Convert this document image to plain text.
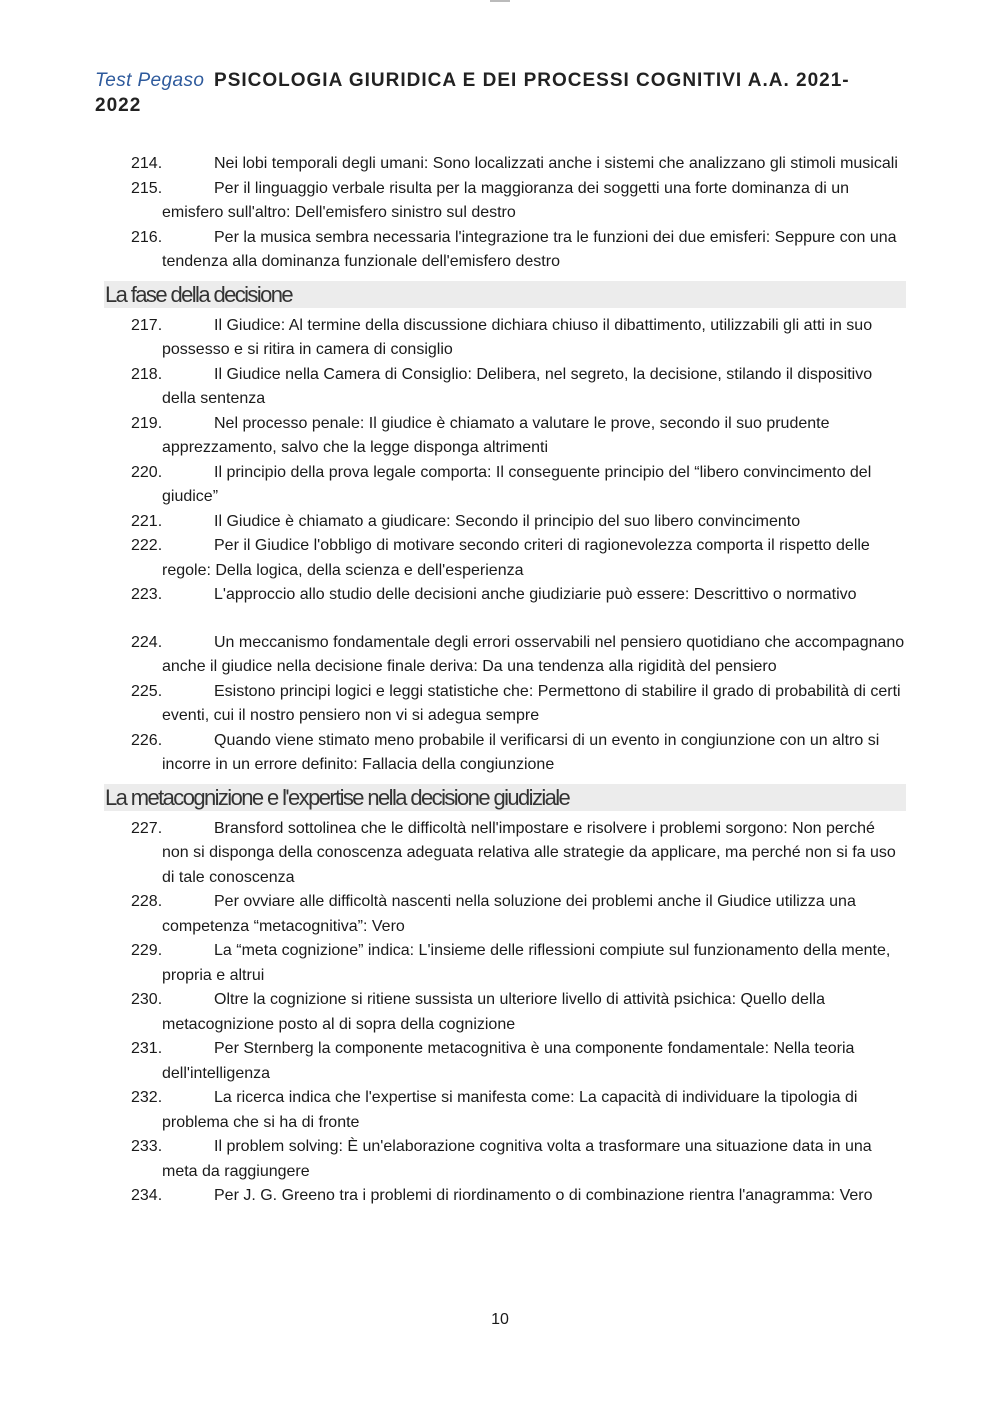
Test Pegaso PSICOLOGIA GIURIDICA E DEI PROCESSI COGNITIVI A.A. 2021-2022
214.	Nei lobi temporali degli umani: Sono localizzati anche i sistemi che analizzano gli stimoli musicali
215.	Per il linguaggio verbale risulta per la maggioranza dei soggetti una forte dominanza di un emisfero sull'altro: Dell'emisfero sinistro sul destro
216.	Per la musica sembra necessaria l'integrazione tra le funzioni dei due emisferi: Seppure con una tendenza alla dominanza funzionale dell'emisfero destro
La fase della decisione
217.	Il Giudice: Al termine della discussione dichiara chiuso il dibattimento, utilizzabili gli atti in suo possesso e si ritira in camera di consiglio
218.	Il Giudice nella Camera di Consiglio: Delibera, nel segreto, la decisione, stilando il dispositivo della sentenza
219.	Nel processo penale: Il giudice è chiamato a valutare le prove, secondo il suo prudente apprezzamento, salvo che la legge disponga altrimenti
220.	Il principio della prova legale comporta: Il conseguente principio del “libero convincimento del giudice”
221.	Il Giudice è chiamato a giudicare: Secondo il principio del suo libero convincimento
222.	Per il Giudice l'obbligo di motivare secondo criteri di ragionevolezza comporta il rispetto delle regole: Della logica, della scienza e dell'esperienza
223.	L'approccio allo studio delle decisioni anche giudiziarie può essere: Descrittivo o normativo
224.	Un meccanismo fondamentale degli errori osservabili nel pensiero quotidiano che accompagnano anche il giudice nella decisione finale deriva: Da una tendenza alla rigidità del pensiero
225.	Esistono principi logici e leggi statistiche che: Permettono di stabilire il grado di probabilità di certi eventi, cui il nostro pensiero non vi si adegua sempre
226.	Quando viene stimato meno probabile il verificarsi di un evento in congiunzione con un altro si incorre in un errore definito: Fallacia della congiunzione
La metacognizione e l'expertise nella decisione giudiziale
227.	Bransford sottolinea che le difficoltà nell'impostare e risolvere i problemi sorgono: Non perché non si disponga della conoscenza adeguata relativa alle strategie da applicare, ma perché non si fa uso di tale conoscenza
228.	Per ovviare alle difficoltà nascenti nella soluzione dei problemi anche il Giudice utilizza una competenza “metacognitiva”: Vero
229.	La “meta cognizione” indica: L'insieme delle riflessioni compiute sul funzionamento della mente, propria e altrui
230.	Oltre la cognizione si ritiene sussista un ulteriore livello di attività psichica: Quello della metacognizione posto al di sopra della cognizione
231.	Per Sternberg la componente metacognitiva è una componente fondamentale: Nella teoria dell'intelligenza
232.	La ricerca indica che l'expertise si manifesta come: La capacità di individuare la tipologia di problema che si ha di fronte
233.	Il problem solving: È un'elaborazione cognitiva volta a trasformare una situazione data in una meta da raggiungere
234.	Per J. G. Greeno tra i problemi di riordinamento o di combinazione rientra l'anagramma: Vero
10
